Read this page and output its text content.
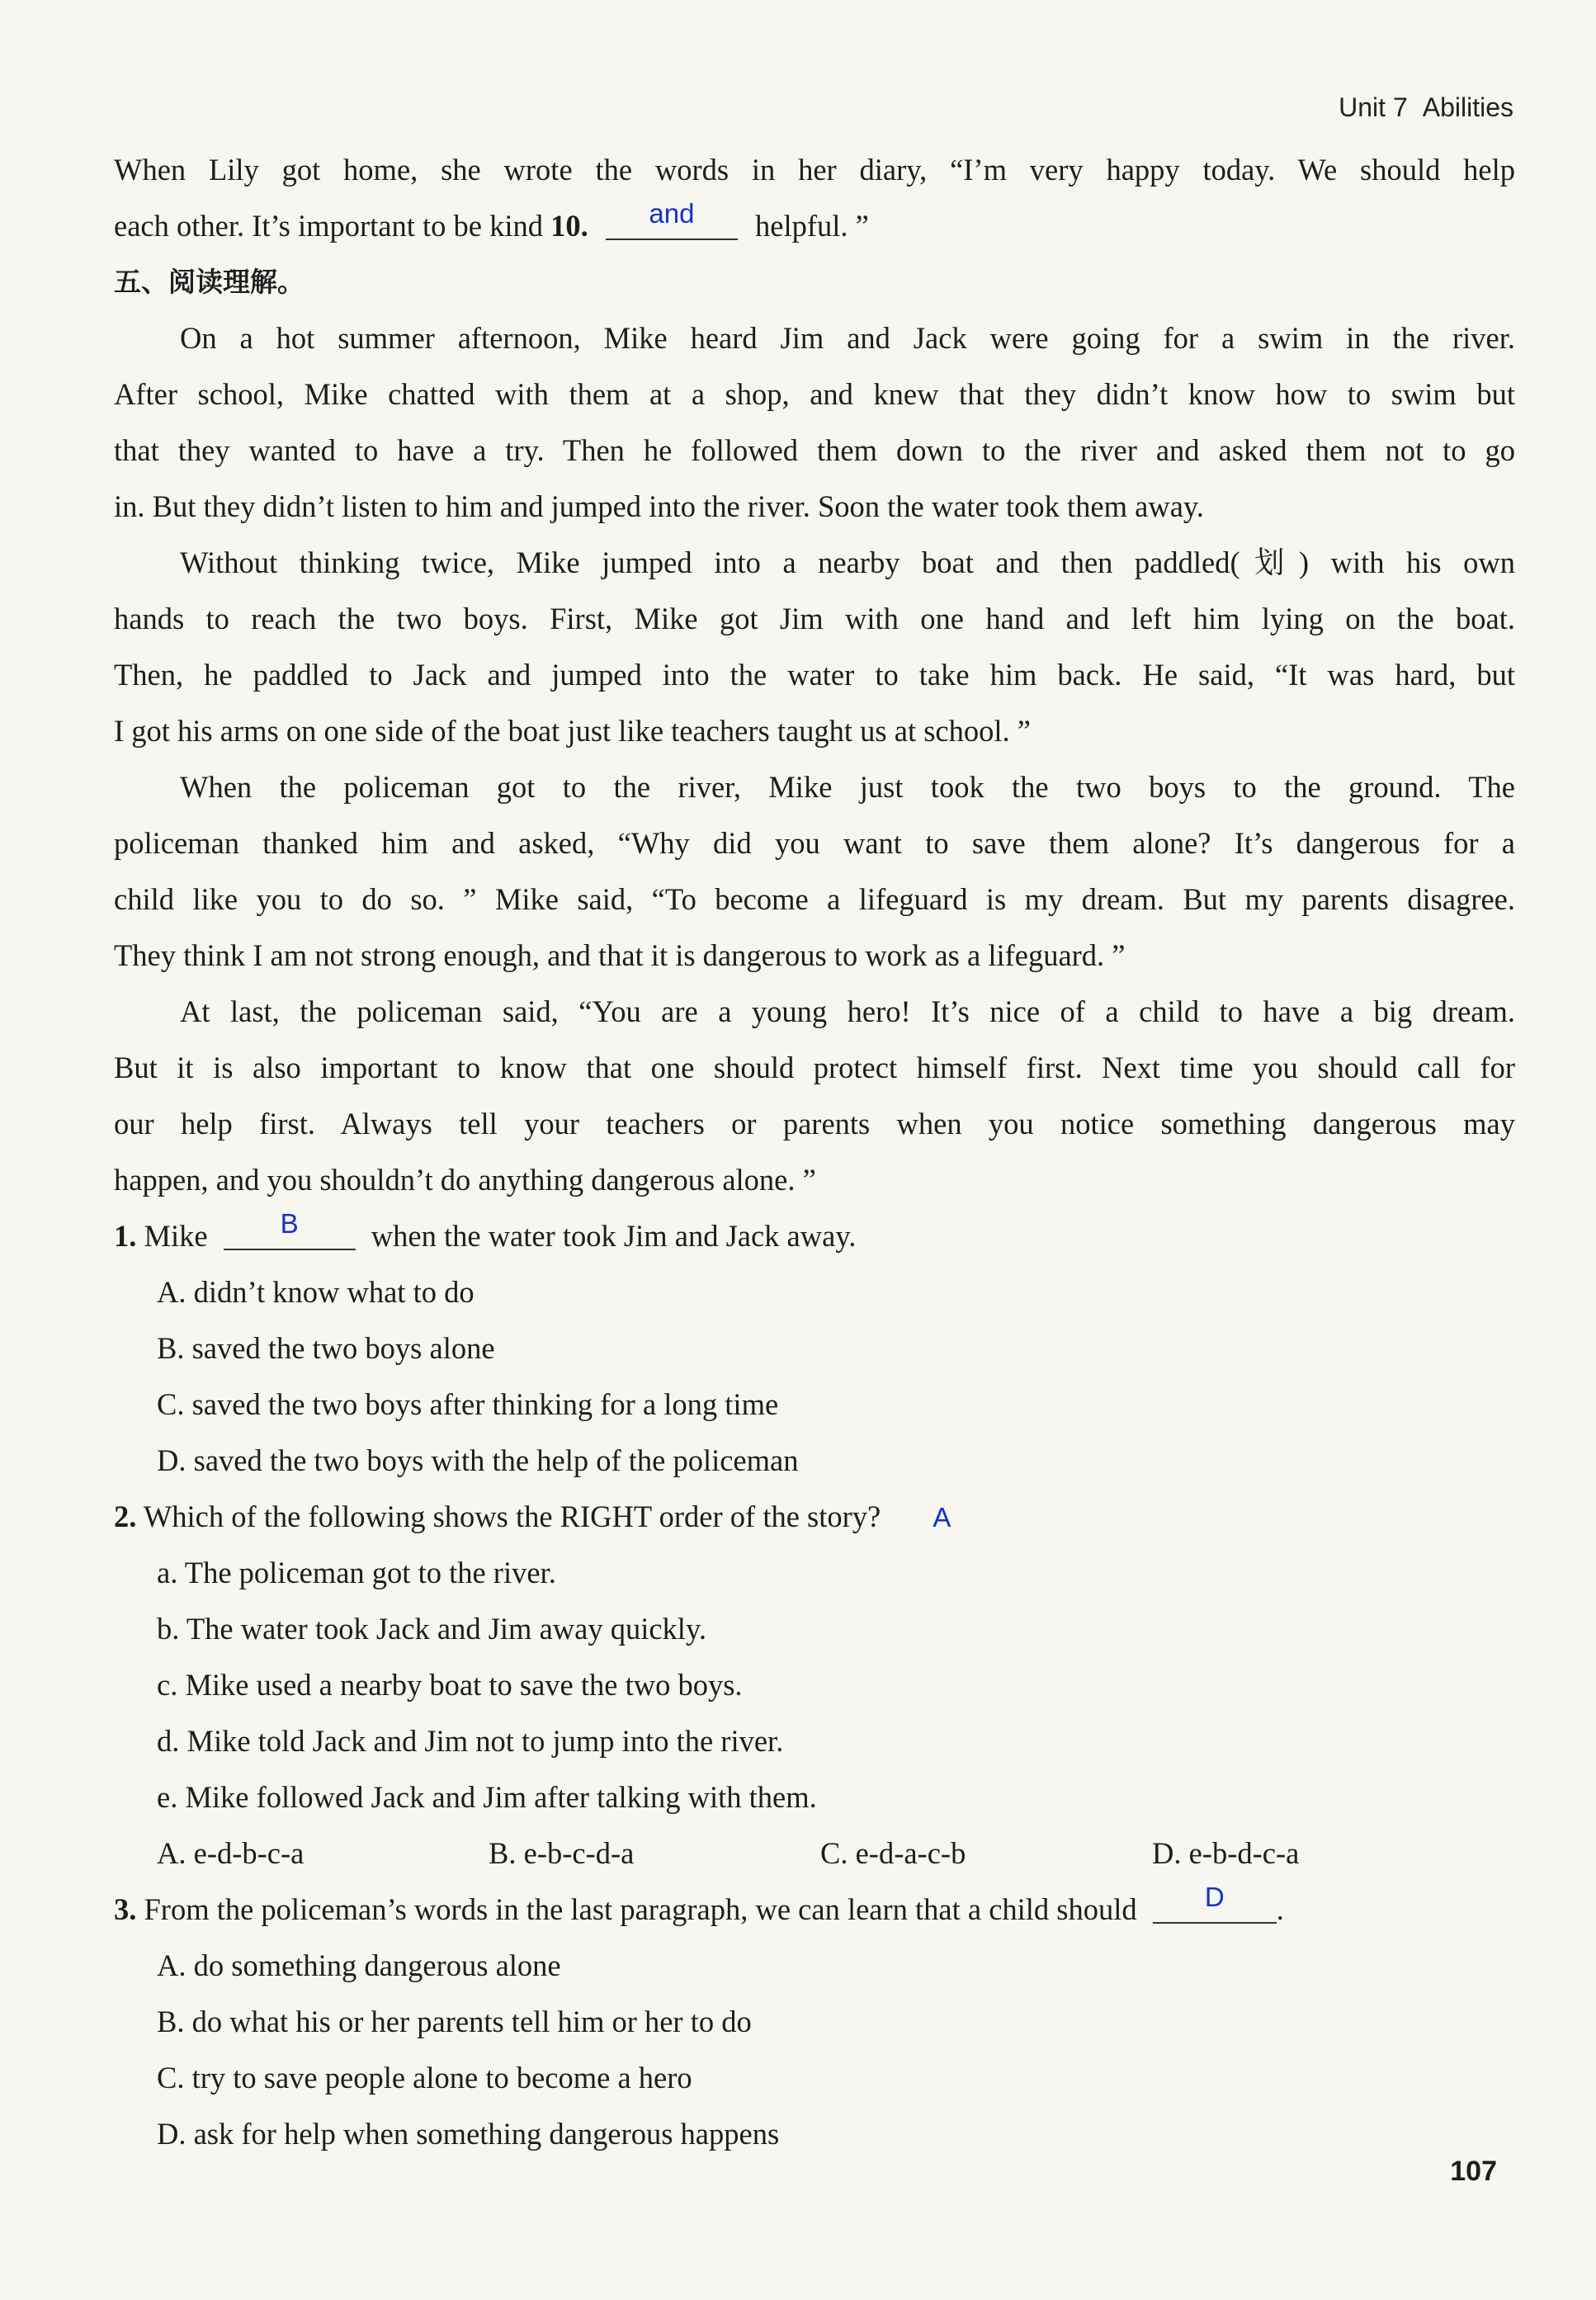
Unit 7 Abilities
When Lily got home, she wrote the words in her diary, “I’m very happy today. We should help
each other. It’s important to be kind 10. and helpful. ”
五、阅读理解。
On a hot summer afternoon, Mike heard Jim and Jack were going for a swim in the river.
After school, Mike chatted with them at a shop, and knew that they didn’t know how to swim but
that they wanted to have a try. Then he followed them down to the river and asked them not to go
in. But they didn’t listen to him and jumped into the river. Soon the water took them away.
Without thinking twice, Mike jumped into a nearby boat and then paddled(划) with his own
hands to reach the two boys. First, Mike got Jim with one hand and left him lying on the boat.
Then, he paddled to Jack and jumped into the water to take him back. He said, “It was hard, but
I got his arms on one side of the boat just like teachers taught us at school. ”
When the policeman got to the river, Mike just took the two boys to the ground. The
policeman thanked him and asked, “Why did you want to save them alone? It’s dangerous for a
child like you to do so. ” Mike said, “To become a lifeguard is my dream. But my parents disagree.
They think I am not strong enough, and that it is dangerous to work as a lifeguard. ”
At last, the policeman said, “You are a young hero! It’s nice of a child to have a big dream.
But it is also important to know that one should protect himself first. Next time you should call for
our help first. Always tell your teachers or parents when you notice something dangerous may
happen, and you shouldn’t do anything dangerous alone. ”
1. Mike	B when the water took Jim and Jack away.
A. didn’t know what to do
B. saved the two boys alone
C. saved the two boys after thinking for a long time
D. saved the two boys with the help of the policeman
2. Which of the following shows the RIGHT order of the story? A
a. The policeman got to the river.
b. The water took Jack and Jim away quickly.
c. Mike used a nearby boat to save the two boys.
d. Mike told Jack and Jim not to jump into the river.
e. Mike followed Jack and Jim after talking with them.
A. e-d-b-c-a	B. e-b-c-d-a	C. e-d-a-c-b	D. e-b-d-c-a
3. From the policeman’s words in the last paragraph, we can learn that a child should D .
A. do something dangerous alone
B. do what his or her parents tell him or her to do
C. try to save people alone to become a hero
D. ask for help when something dangerous happens
107
